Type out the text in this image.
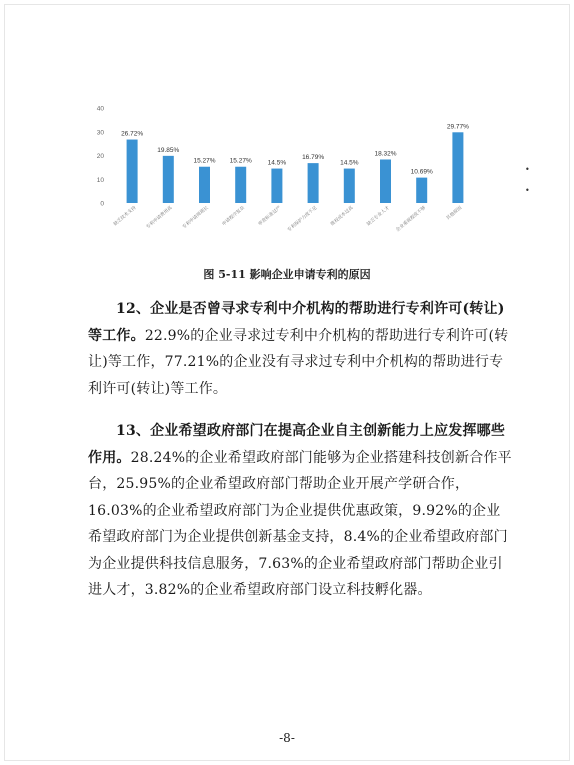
40
30
20
10
0
26.72%
缺乏技术支持
19.85%
专利申请费用高
15.27%
专利申请周期长
15.27%
申请程序复杂
14.5%
审查标准过严
16.79%
专利保护力度不足
14.5%
维权成本过高
18.32%
缺乏专业人才
10.69%
企业重视程度不够
29.77%
其他原因
图 5-11 影响企业申请专利的原因
12、企业是否曾寻求专利中介机构的帮助进行专利许可(转让)等工作。22.9%的企业寻求过专利中介机构的帮助进行专利许可(转让)等工作，77.21%的企业没有寻求过专利中介机构的帮助进行专利许可(转让)等工作。
13、企业希望政府部门在提高企业自主创新能力上应发挥哪些作用。28.24%的企业希望政府部门能够为企业搭建科技创新合作平台，25.95%的企业希望政府部门帮助企业开展产学研合作，16.03%的企业希望政府部门为企业提供优惠政策，9.92%的企业希望政府部门为企业提供创新基金支持，8.4%的企业希望政府部门为企业提供科技信息服务，7.63%的企业希望政府部门帮助企业引进人才，3.82%的企业希望政府部门设立科技孵化器。
•
•
-8-
